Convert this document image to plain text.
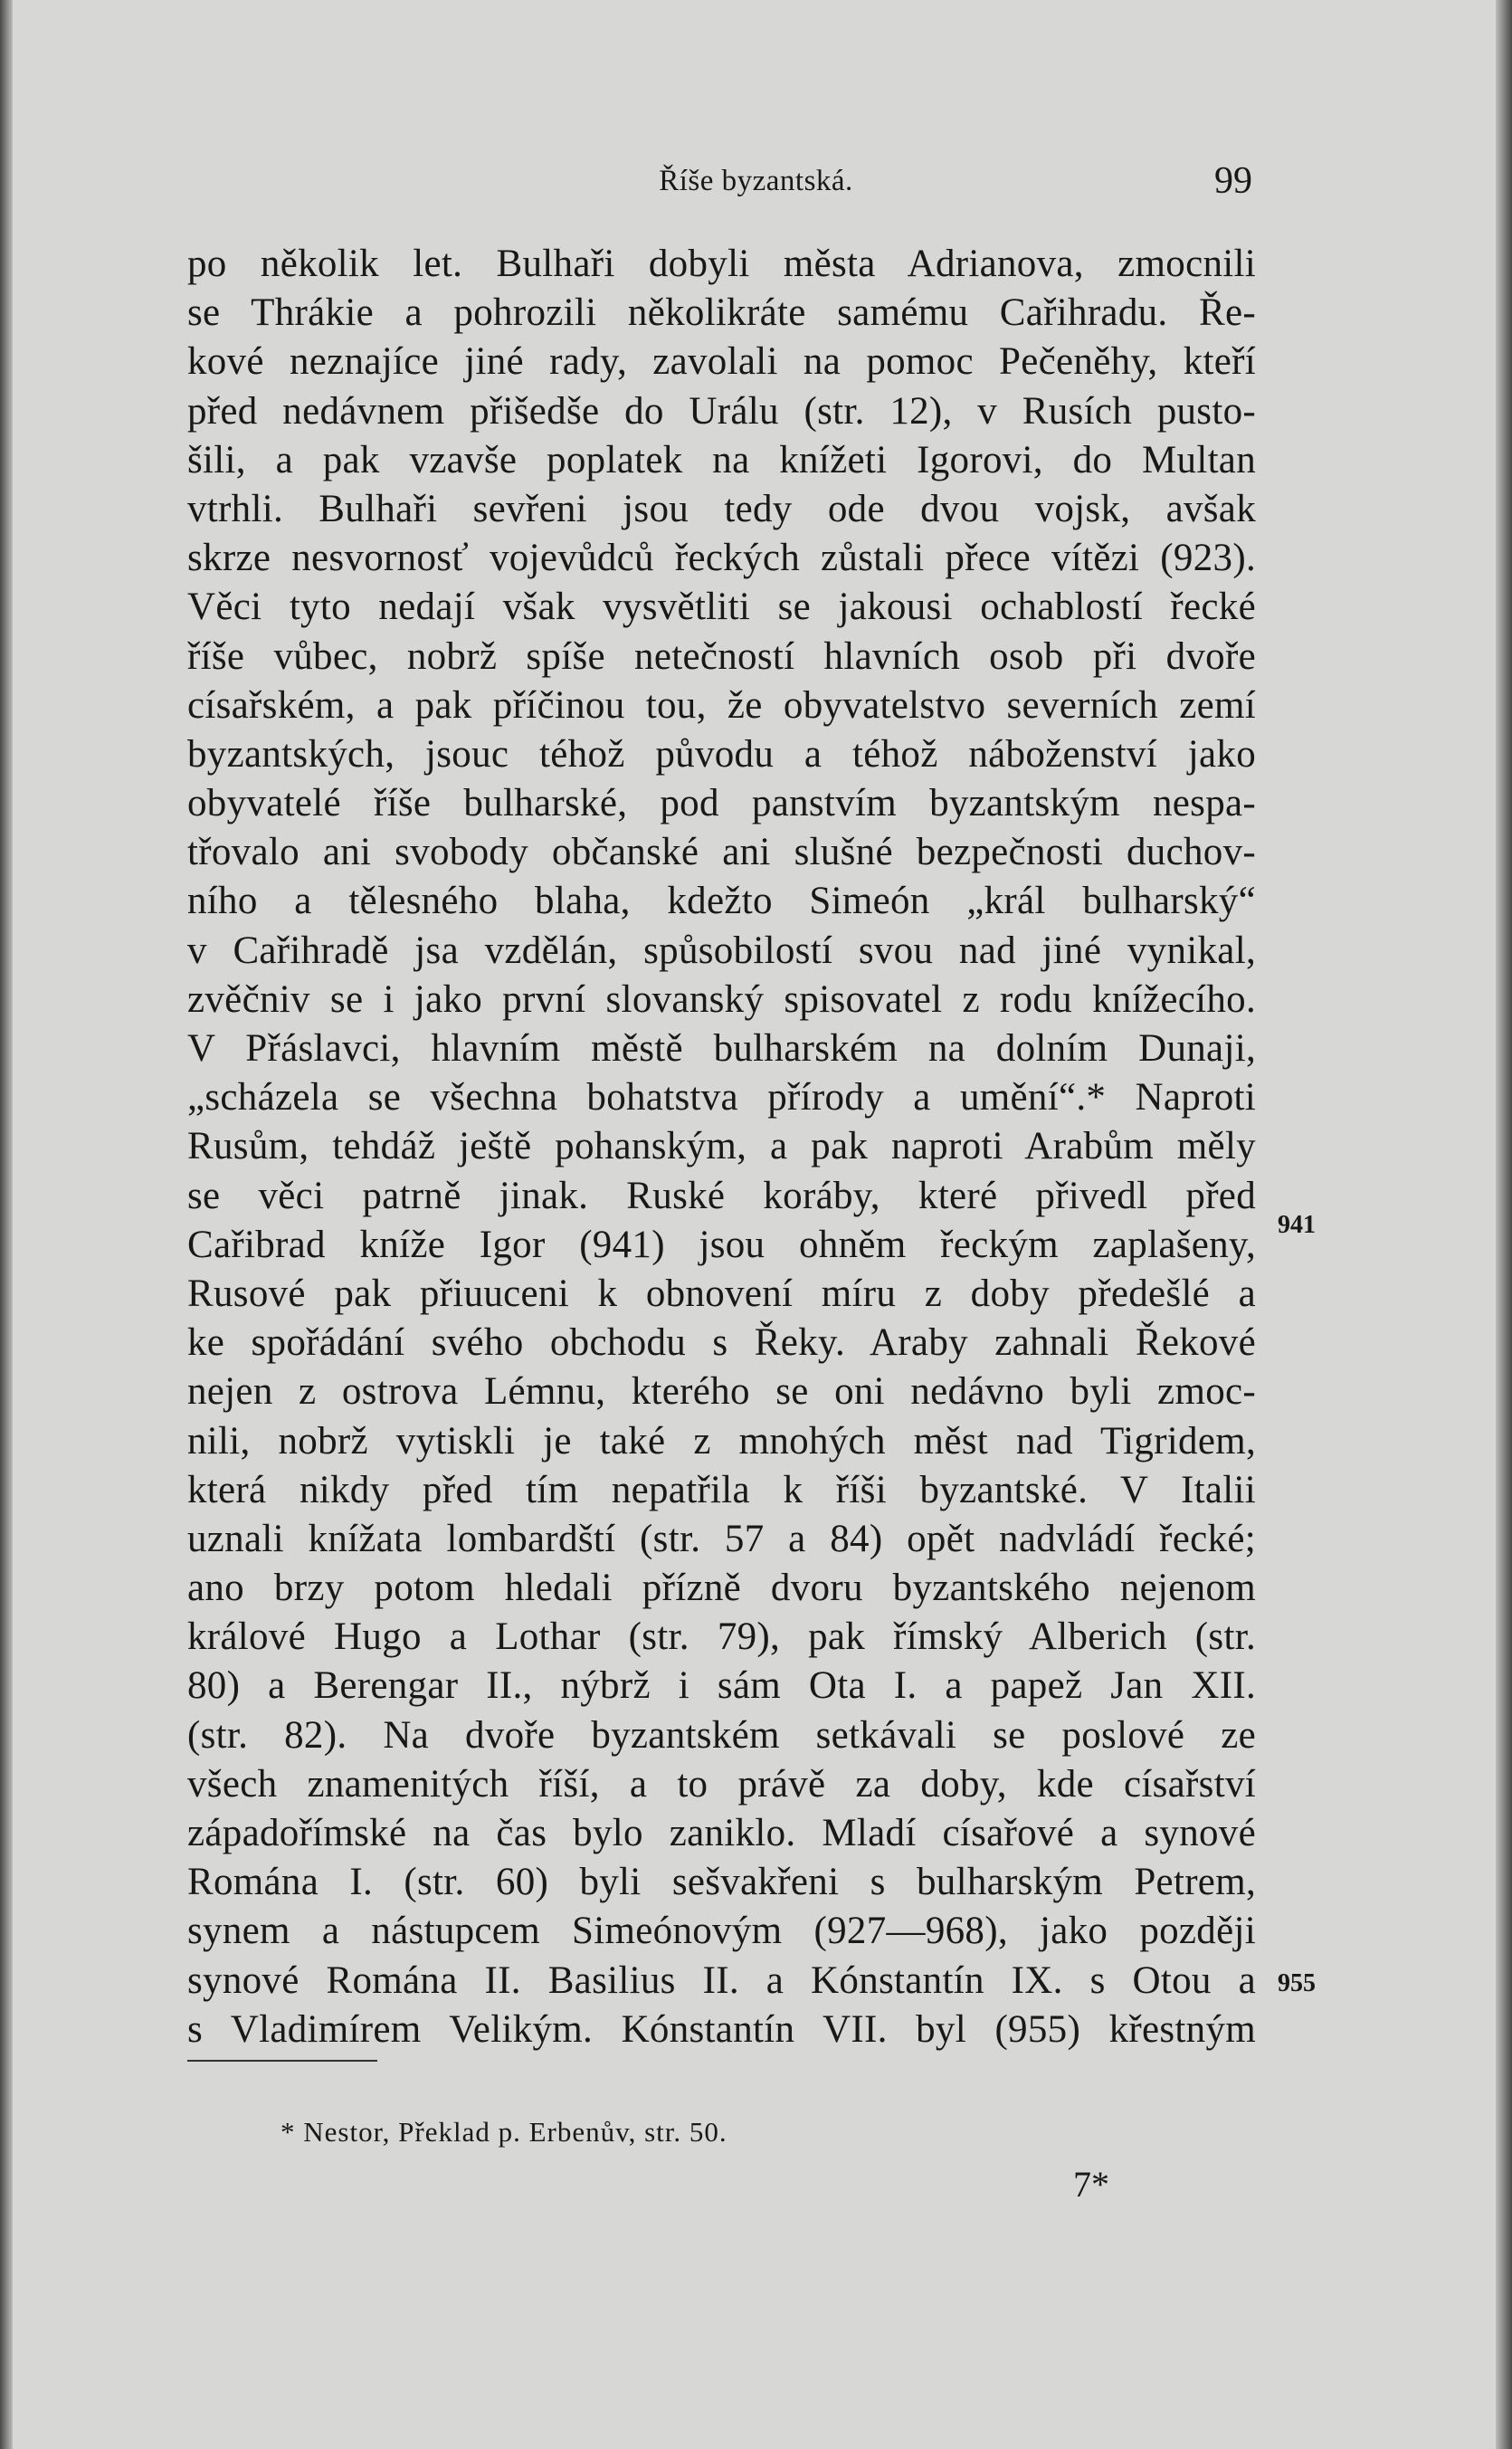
Říše byzantská.	99
po několik let. Bulhaři dobyli města Adrianova, zmocnili
se Thrákie a pohrozili několikráte samému Cařihradu. Ře-
kové neznajíce jiné rady, zavolali na pomoc Pečeněhy, kteří
před nedávnem přišedše do Urálu (str. 12), v Rusích pusto-
šili, a pak vzavše poplatek na knížeti Igorovi, do Multan
vtrhli. Bulhaři sevřeni jsou tedy ode dvou vojsk, avšak
skrze nesvornosť vojevůdců řeckých zůstali přece vítězi (923).
Věci tyto nedají však vysvětliti se jakousi ochablostí řecké
říše vůbec, nobrž spíše netečností hlavních osob při dvoře
císařském, a pak příčinou tou, že obyvatelstvo severních zemí
byzantských, jsouc téhož původu a téhož náboženství jako
obyvatelé říše bulharské, pod panstvím byzantským nespa-
třovalo ani svobody občanské ani slušné bezpečnosti duchov-
ního a tělesného blaha, kdežto Simeón „král bulharský“
v Cařihradě jsa vzdělán, spůsobilostí svou nad jiné vynikal,
zvěčniv se i jako první slovanský spisovatel z rodu knížecího.
V Přáslavci, hlavním městě bulharském na dolním Dunaji,
„scházela se všechna bohatstva přírody a umění“.* Naproti
Rusům, tehdáž ještě pohanským, a pak naproti Arabům měly
se věci patrně jinak. Ruské koráby, které přivedl před
Cařibrad kníže Igor (941) jsou ohněm řeckým zaplašeny,
Rusové pak přiuuceni k obnovení míru z doby předešlé a
ke spořádání svého obchodu s Řeky. Araby zahnali Řekové
nejen z ostrova Lémnu, kterého se oni nedávno byli zmoc-
nili, nobrž vytiskli je také z mnohých měst nad Tigridem,
která nikdy před tím nepatřila k říši byzantské. V Italii
uznali knížata lombardští (str. 57 a 84) opět nadvládí řecké;
ano brzy potom hledali přízně dvoru byzantského nejenom
králové Hugo a Lothar (str. 79), pak římský Alberich (str.
80) a Berengar II., nýbrž i sám Ota I. a papež Jan XII.
(str. 82). Na dvoře byzantském setkávali se poslové ze
všech znamenitých říší, a to právě za doby, kde císařství
západořímské na čas bylo zaniklo. Mladí císařové a synové
Romána I. (str. 60) byli sešvakřeni s bulharským Petrem,
synem a nástupcem Simeónovým (927—968), jako později
synové Romána II. Basilius II. a Kónstantín IX. s Otou a
s Vladimírem Velikým. Kónstantín VII. byl (955) křestným
941
955
* Nestor, Překlad p. Erbenův, str. 50.
7*
